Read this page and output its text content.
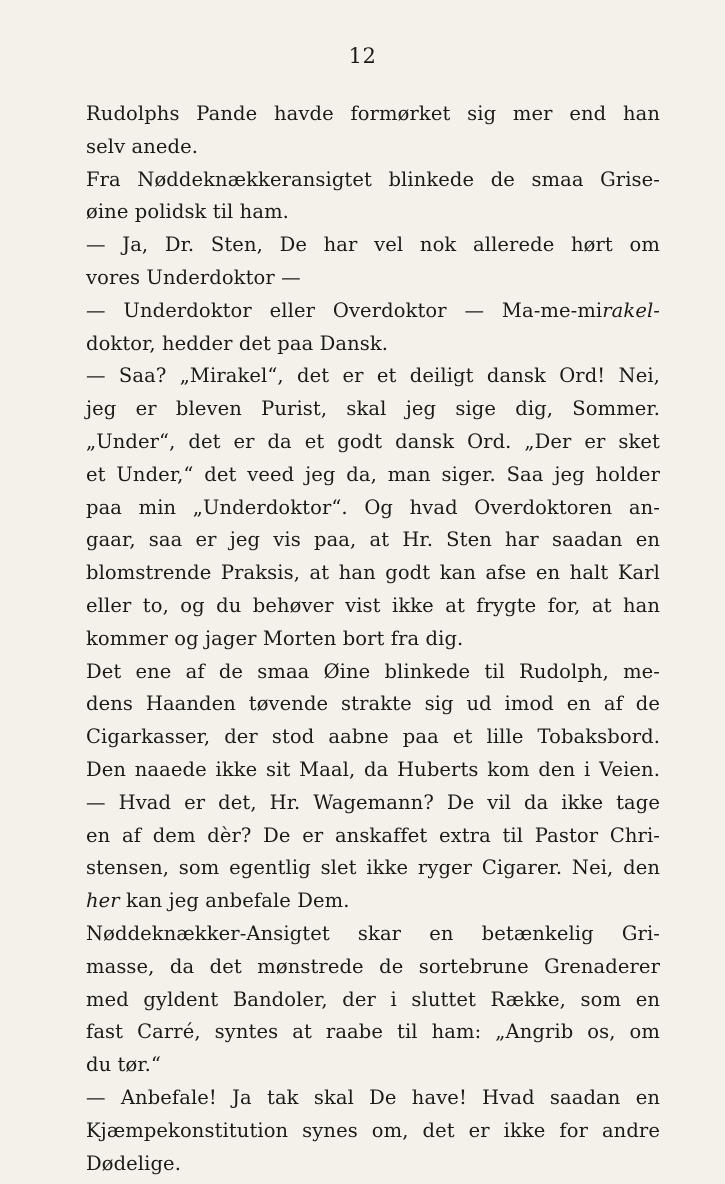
12
Rudolphs Pande havde formørket sig mer end han
selv anede.
Fra Nøddeknækkeransigtet blinkede de smaa Grise-
øine polidsk til ham.
— Ja, Dr. Sten, De har vel nok allerede hørt om
vores Underdoktor —
— Underdoktor eller Overdoktor — Ma-me-mirakel-
doktor, hedder det paa Dansk.
— Saa? „Mirakel“, det er et deiligt dansk Ord! Nei,
jeg er bleven Purist, skal jeg sige dig, Sommer.
„Under“, det er da et godt dansk Ord. „Der er sket
et Under,“ det veed jeg da, man siger. Saa jeg holder
paa min „Underdoktor“. Og hvad Overdoktoren an-
gaar, saa er jeg vis paa, at Hr. Sten har saadan en
blomstrende Praksis, at han godt kan afse en halt Karl
eller to, og du behøver vist ikke at frygte for, at han
kommer og jager Morten bort fra dig.
Det ene af de smaa Øine blinkede til Rudolph, me-
dens Haanden tøvende strakte sig ud imod en af de
Cigarkasser, der stod aabne paa et lille Tobaksbord.
Den naaede ikke sit Maal, da Huberts kom den i Veien.
— Hvad er det, Hr. Wagemann? De vil da ikke tage
en af dem dèr? De er anskaffet extra til Pastor Chri-
stensen, som egentlig slet ikke ryger Cigarer. Nei, den
her kan jeg anbefale Dem.
Nøddeknækker-Ansigtet skar en betænkelig Gri-
masse, da det mønstrede de sortebrune Grenaderer
med gyldent Bandoler, der i sluttet Række, som en
fast Carré, syntes at raabe til ham: „Angrib os, om
du tør.“
— Anbefale! Ja tak skal De have! Hvad saadan en
Kjæmpekonstitution synes om, det er ikke for andre
Dødelige.
